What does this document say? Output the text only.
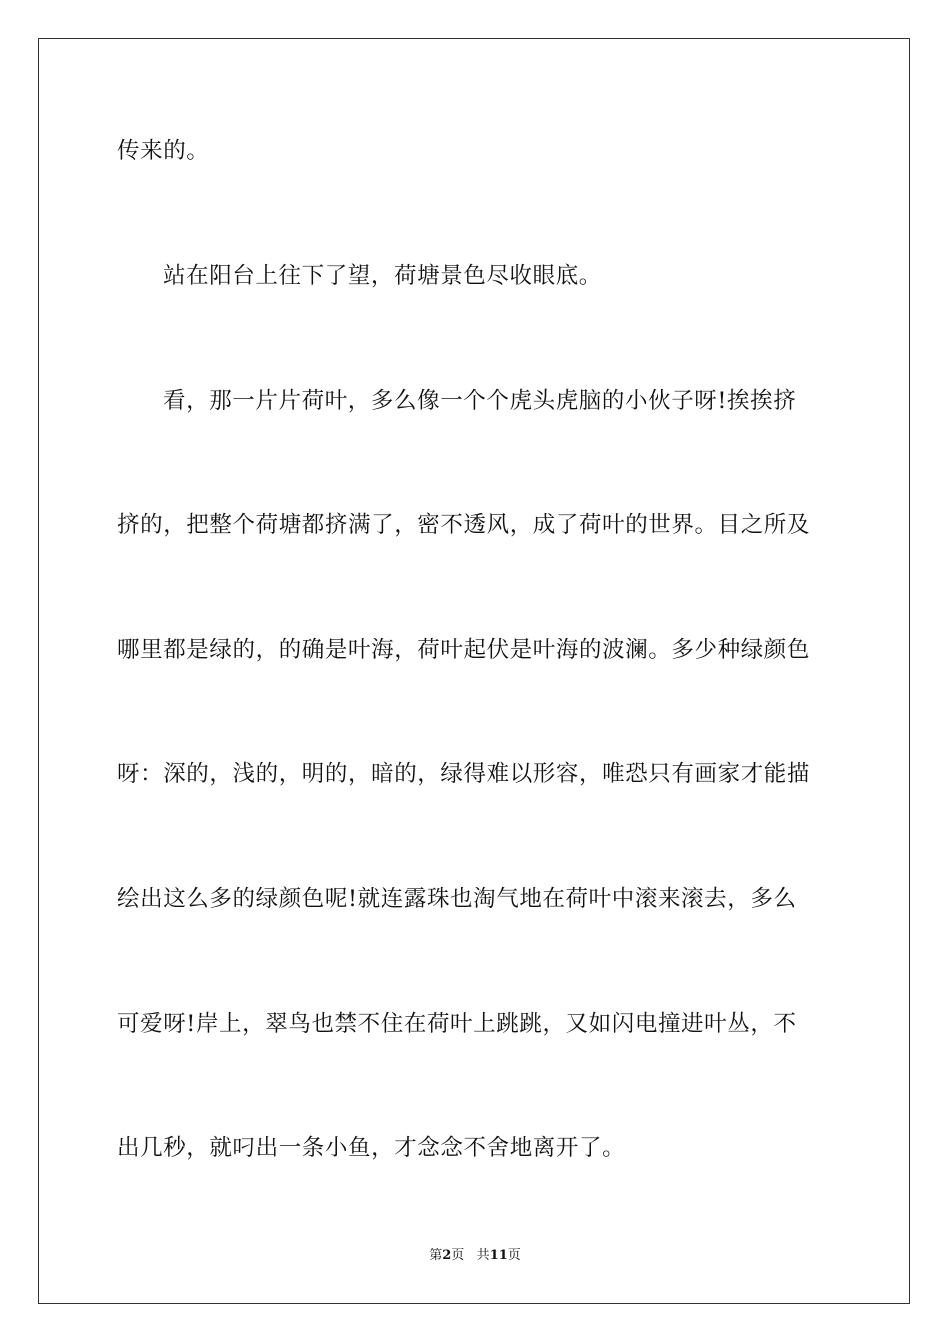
传来的。
站在阳台上往下了望，荷塘景色尽收眼底。
看，那一片片荷叶，多么像一个个虎头虎脑的小伙子呀!挨挨挤
挤的，把整个荷塘都挤满了，密不透风，成了荷叶的世界。目之所及
哪里都是绿的，的确是叶海，荷叶起伏是叶海的波澜。多少种绿颜色
呀：深的，浅的，明的，暗的，绿得难以形容，唯恐只有画家才能描
绘出这么多的绿颜色呢!就连露珠也淘气地在荷叶中滚来滚去，多么
可爱呀!岸上，翠鸟也禁不住在荷叶上跳跳，又如闪电撞进叶丛，不
出几秒，就叼出一条小鱼，才念念不舍地离开了。
第2页 共11页
